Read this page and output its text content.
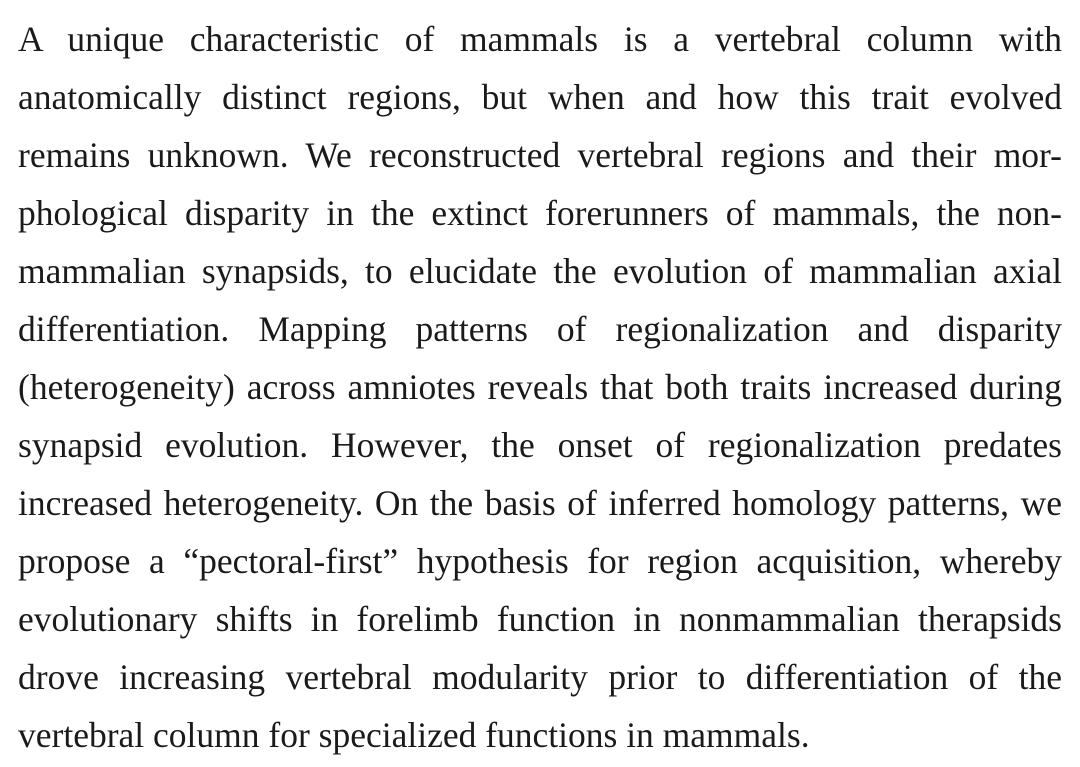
A unique characteristic of mammals is a vertebral column with
anatomically distinct regions, but when and how this trait evolved
remains unknown. We reconstructed vertebral regions and their mor-
phological disparity in the extinct forerunners of mammals, the non-
mammalian synapsids, to elucidate the evolution of mammalian axial
differentiation. Mapping patterns of regionalization and disparity
(heterogeneity) across amniotes reveals that both traits increased during
synapsid evolution. However, the onset of regionalization predates
increased heterogeneity. On the basis of inferred homology patterns, we
propose a “pectoral-first” hypothesis for region acquisition, whereby
evolutionary shifts in forelimb function in nonmammalian therapsids
drove increasing vertebral modularity prior to differentiation of the
vertebral column for specialized functions in mammals.
